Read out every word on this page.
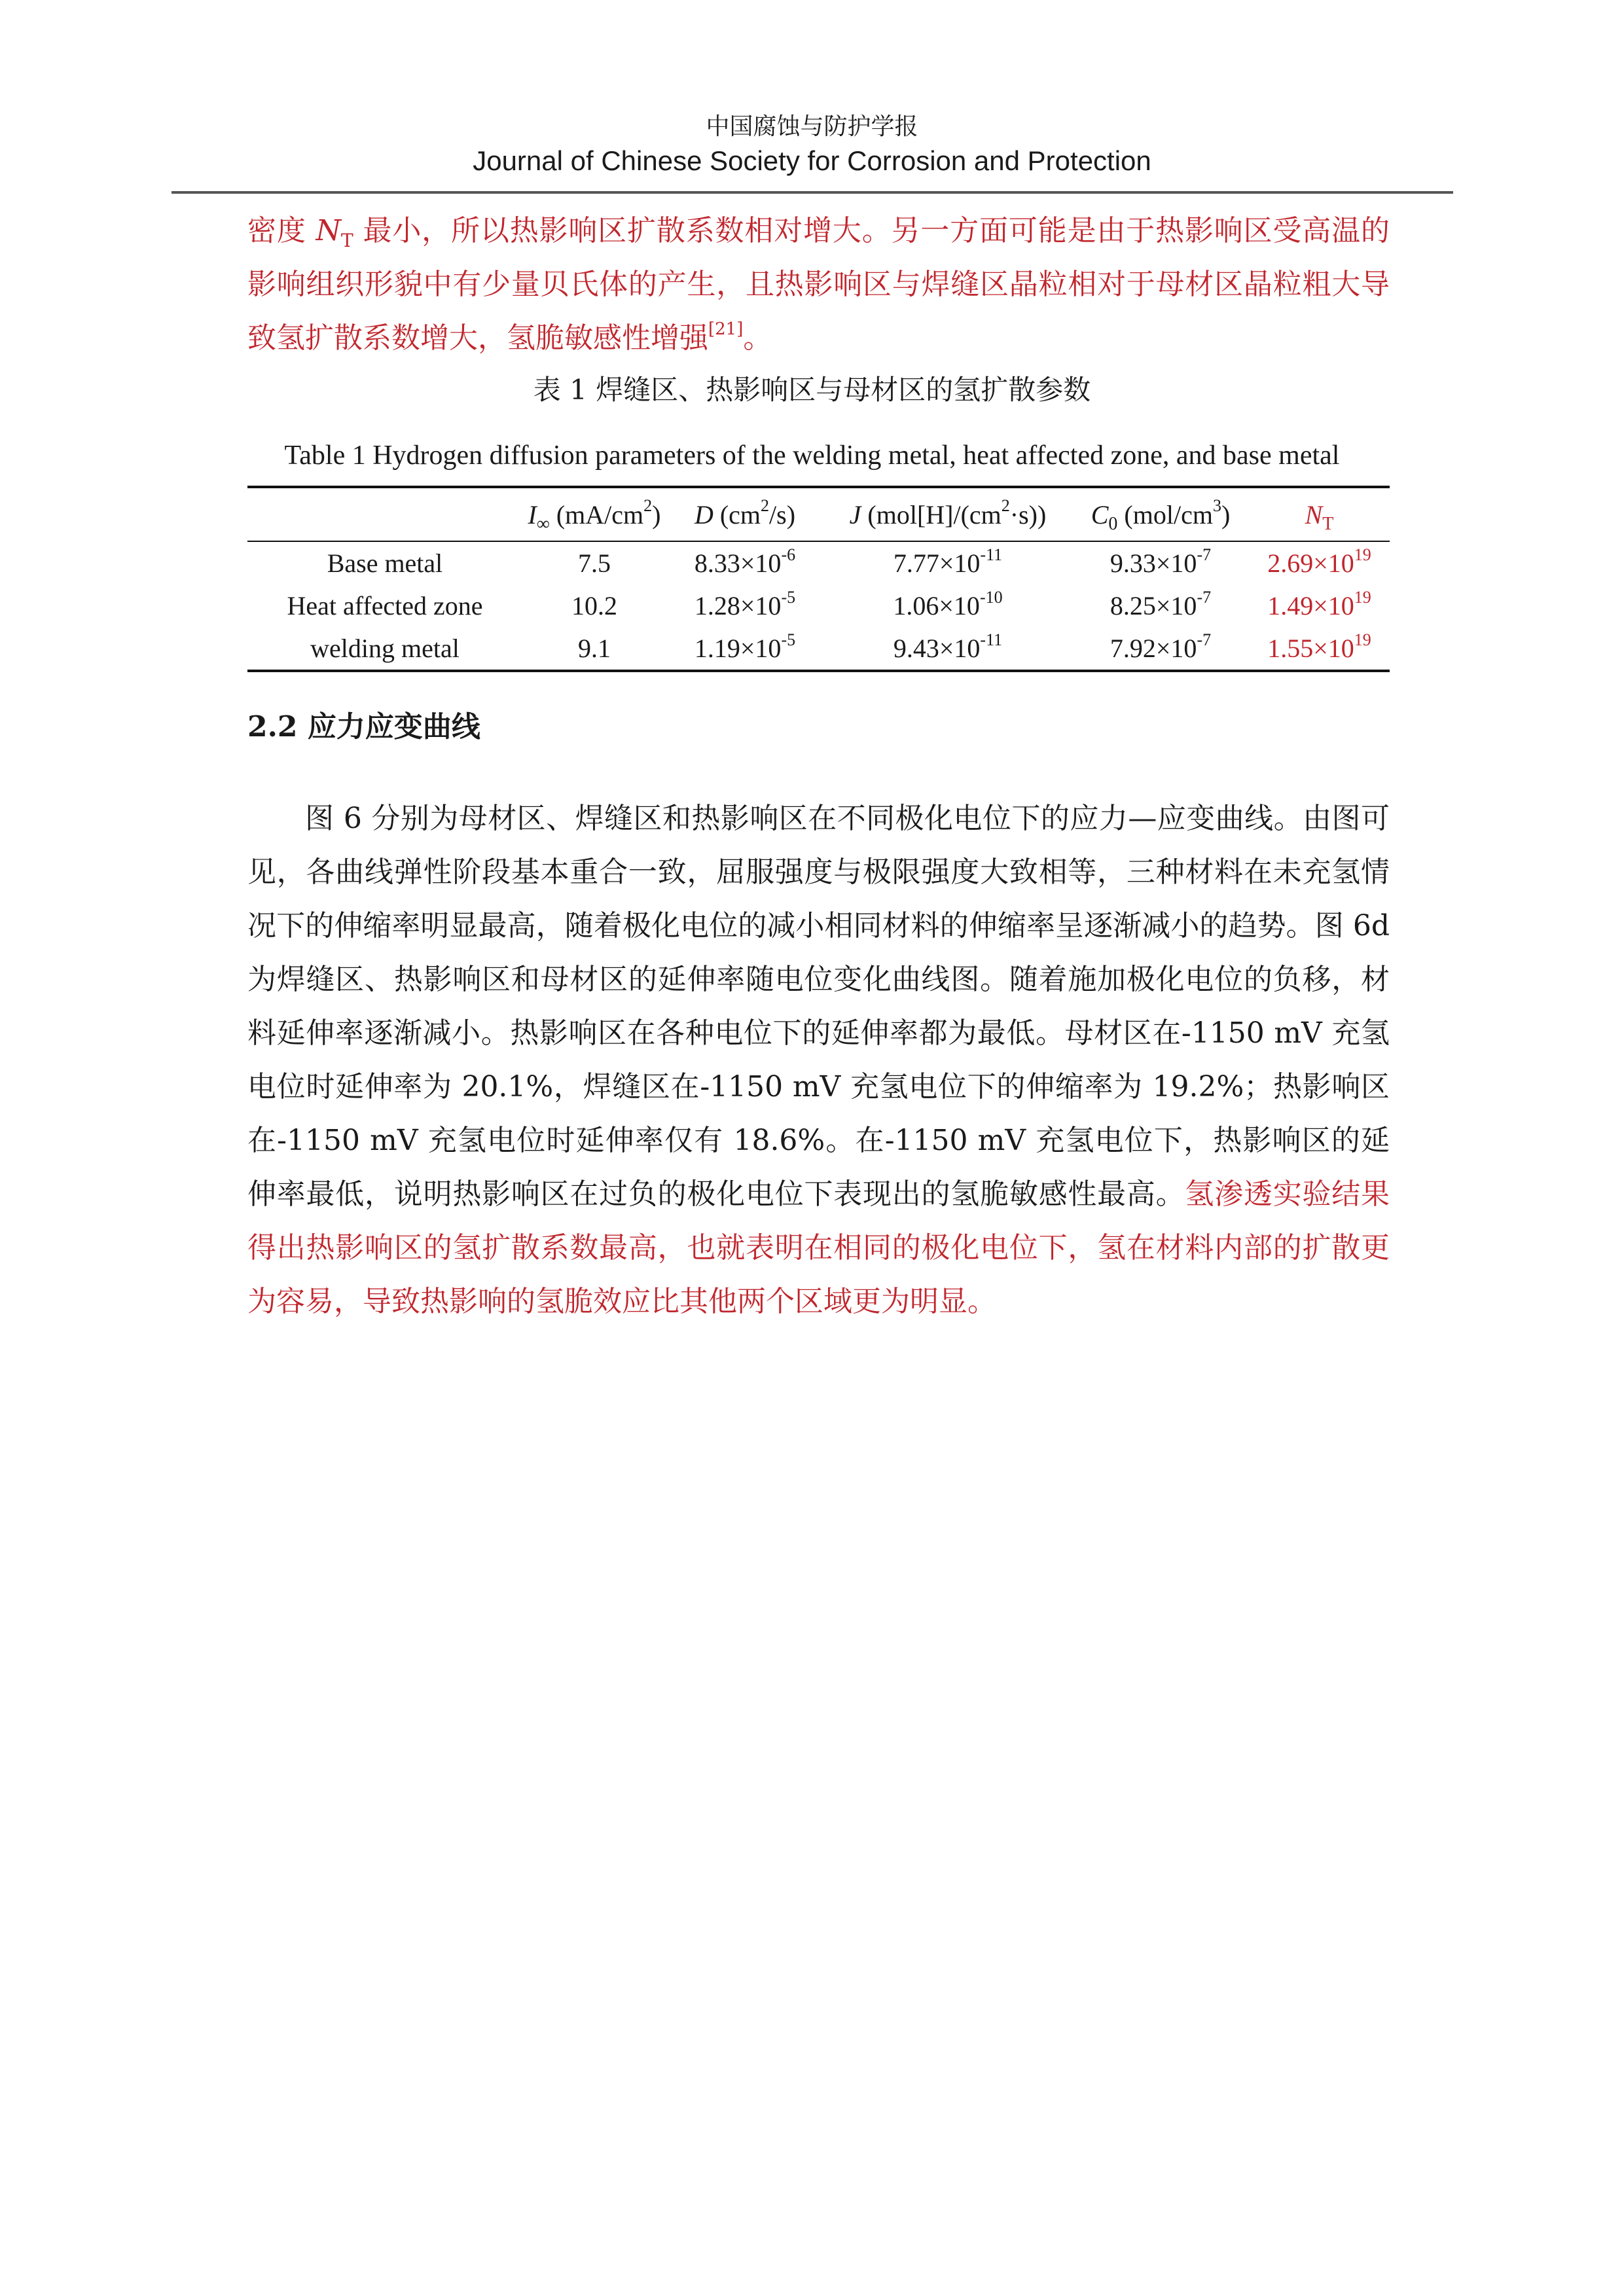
中国腐蚀与防护学报
Journal of Chinese Society for Corrosion and Protection

密度 $N_T$ 最小，所以热影响区扩散系数相对增大。另一方面可能是由于热影响区受高温的影响组织形貌中有少量贝氏体的产生，且热影响区与焊缝区晶粒相对于母材区晶粒粗大导致氢扩散系数增大，氢脆敏感性增强[21]。

表 1 焊缝区、热影响区与母材区的氢扩散参数
Table 1 Hydrogen diffusion parameters of the welding metal, heat affected zone, and base metal
	$I_\infty$ $(mA/cm^2)$	D $(cm^2/s)$	J $(mol[H]/(cm^2\cdot s))$	$C_0$ $(mol/cm^3)$	$N_T$
Base metal	7.5	$8.33\times 10^{-6}$	$7.77\times 10^{-11}$	$9.33\times 10^{-7}$	$2.69\times 10^{19}$
Heat affected zone	10.2	$1.28\times 10^{-5}$	$1.06\times 10^{-10}$	$8.25\times 10^{-7}$	$1.49\times 10^{19}$
welding metal	9.1	$1.19\times 10^{-5}$	$9.43\times 10^{-11}$	$7.92\times 10^{-7}$	$1.55\times 10^{19}$
2.2 应力应变曲线

图 6 分别为母材区、焊缝区和热影响区在不同极化电位下的应力—应变曲线。由图可见，各曲线弹性阶段基本重合一致，屈服强度与极限强度大致相等，三种材料在未充氢情况下的伸缩率明显最高，随着极化电位的减小相同材料的伸缩率呈逐渐减小的趋势。图 6d 为焊缝区、热影响区和母材区的延伸率随电位变化曲线图。随着施加极化电位的负移，材料延伸率逐渐减小。热影响区在各种电位下的延伸率都为最低。母材区在-1150 mV 充氢电位时延伸率为 20.1%，焊缝区在-1150 mV 充氢电位下的伸缩率为 19.2%；热影响区在-1150 mV 充氢电位时延伸率仅有 18.6%。在-1150 mV 充氢电位下，热影响区的延伸率最低，说明热影响区在过负的极化电位下表现出的氢脆敏感性最高。氢渗透实验结果得出热影响区的氢扩散系数最高，也就表明在相同的极化电位下，氢在材料内部的扩散更为容易，导致热影响的氢脆效应比其他两个区域更为明显。
